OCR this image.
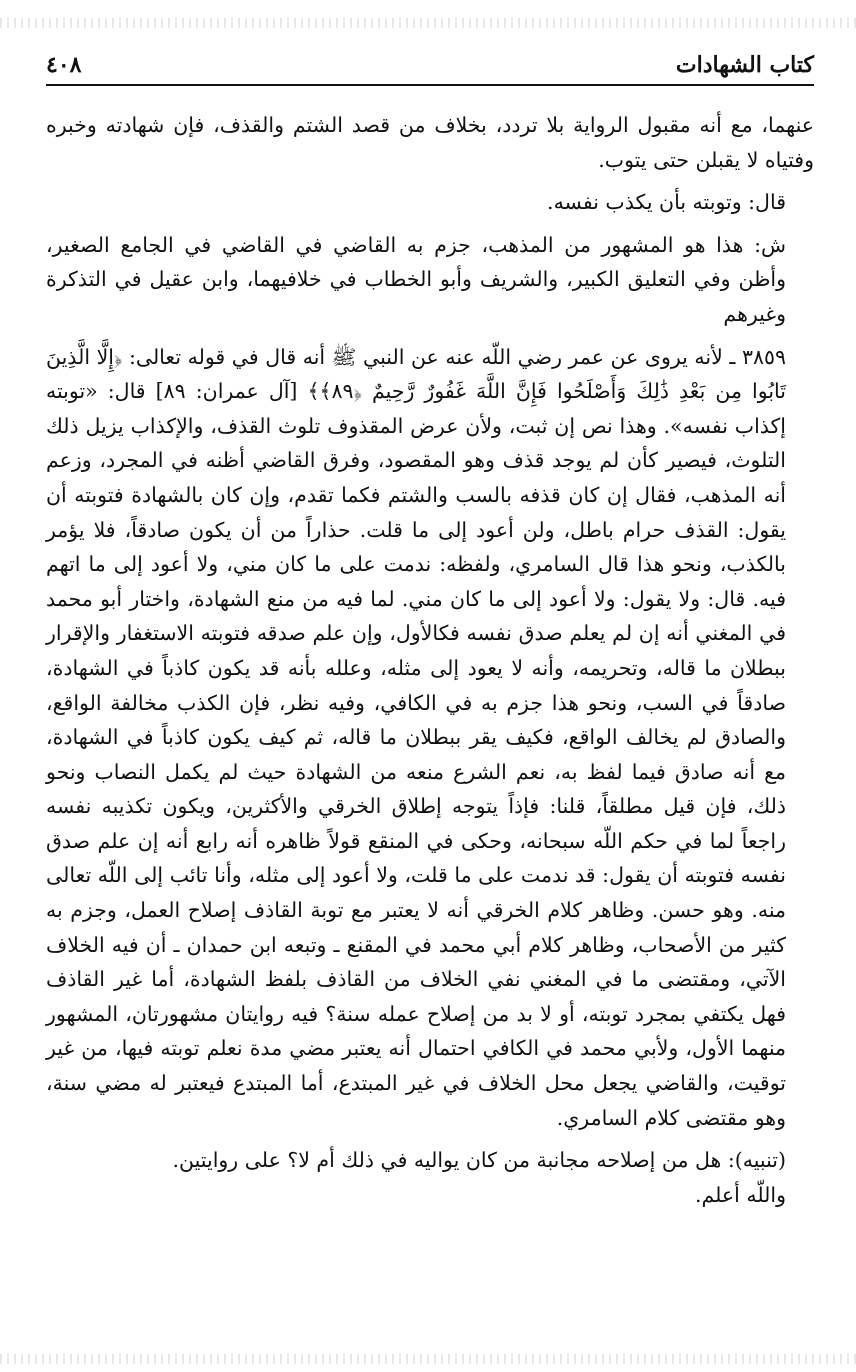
كتاب الشهادات
٤٠٨

عنهما، مع أنه مقبول الرواية بلا تردد، بخلاف من قصد الشتم والقذف، فإن شهادته وخبره وفتياه لا يقبلن حتى يتوب.

قال: وتوبته بأن يكذب نفسه.

ش: هذا هو المشهور من المذهب، جزم به القاضي في القاضي في الجامع الصغير، وأظن وفي التعليق الكبير، والشريف وأبو الخطاب في خلافيهما، وابن عقيل في التذكرة وغيرهم

٣٨٥٩ ـ لأنه يروى عن عمر رضي اللّه عنه عن النبي ﷺ أنه قال في قوله تعالى: ﴿إِلَّا الَّذِينَ تَابُوا مِن بَعْدِ ذَٰلِكَ وَأَصْلَحُوا فَإِنَّ اللَّهَ غَفُورٌ رَّحِيمٌ ﴿٨٩﴾﴾ [آل عمران: ٨٩] قال: «توبته إكذاب نفسه». وهذا نص إن ثبت، ولأن عرض المقذوف تلوث القذف، والإكذاب يزيل ذلك التلوث، فيصير كأن لم يوجد قذف وهو المقصود، وفرق القاضي أظنه في المجرد، وزعم أنه المذهب، فقال إن كان قذفه بالسب والشتم فكما تقدم، وإن كان بالشهادة فتوبته أن يقول: القذف حرام باطل، ولن أعود إلى ما قلت. حذاراً من أن يكون صادقاً، فلا يؤمر بالكذب، ونحو هذا قال السامري، ولفظه: ندمت على ما كان مني، ولا أعود إلى ما اتهم فيه. قال: ولا يقول: ولا أعود إلى ما كان مني. لما فيه من منع الشهادة، واختار أبو محمد في المغني أنه إن لم يعلم صدق نفسه فكالأول، وإن علم صدقه فتوبته الاستغفار والإقرار ببطلان ما قاله، وتحريمه، وأنه لا يعود إلى مثله، وعلله بأنه قد يكون كاذباً في الشهادة، صادقاً في السب، ونحو هذا جزم به في الكافي، وفيه نظر، فإن الكذب مخالفة الواقع، والصادق لم يخالف الواقع، فكيف يقر ببطلان ما قاله، ثم كيف يكون كاذباً في الشهادة، مع أنه صادق فيما لفظ به، نعم الشرع منعه من الشهادة حيث لم يكمل النصاب ونحو ذلك، فإن قيل مطلقاً، قلنا: فإذاً يتوجه إطلاق الخرقي والأكثرين، ويكون تكذيبه نفسه راجعاً لما في حكم اللّه سبحانه، وحكى في المنقع قولاً ظاهره أنه رابع أنه إن علم صدق نفسه فتوبته أن يقول: قد ندمت على ما قلت، ولا أعود إلى مثله، وأنا تائب إلى اللّه تعالى منه. وهو حسن. وظاهر كلام الخرقي أنه لا يعتبر مع توبة القاذف إصلاح العمل، وجزم به كثير من الأصحاب، وظاهر كلام أبي محمد في المقنع ـ وتبعه ابن حمدان ـ أن فيه الخلاف الآتي، ومقتضى ما في المغني نفي الخلاف من القاذف بلفظ الشهادة، أما غير القاذف فهل يكتفي بمجرد توبته، أو لا بد من إصلاح عمله سنة؟ فيه روايتان مشهورتان، المشهور منهما الأول، ولأبي محمد في الكافي احتمال أنه يعتبر مضي مدة نعلم توبته فيها، من غير توقيت، والقاضي يجعل محل الخلاف في غير المبتدع، أما المبتدع فيعتبر له مضي سنة، وهو مقتضى كلام السامري.

(تنبيه): هل من إصلاحه مجانبة من كان يواليه في ذلك أم لا؟ على روايتين.

واللّه أعلم.
